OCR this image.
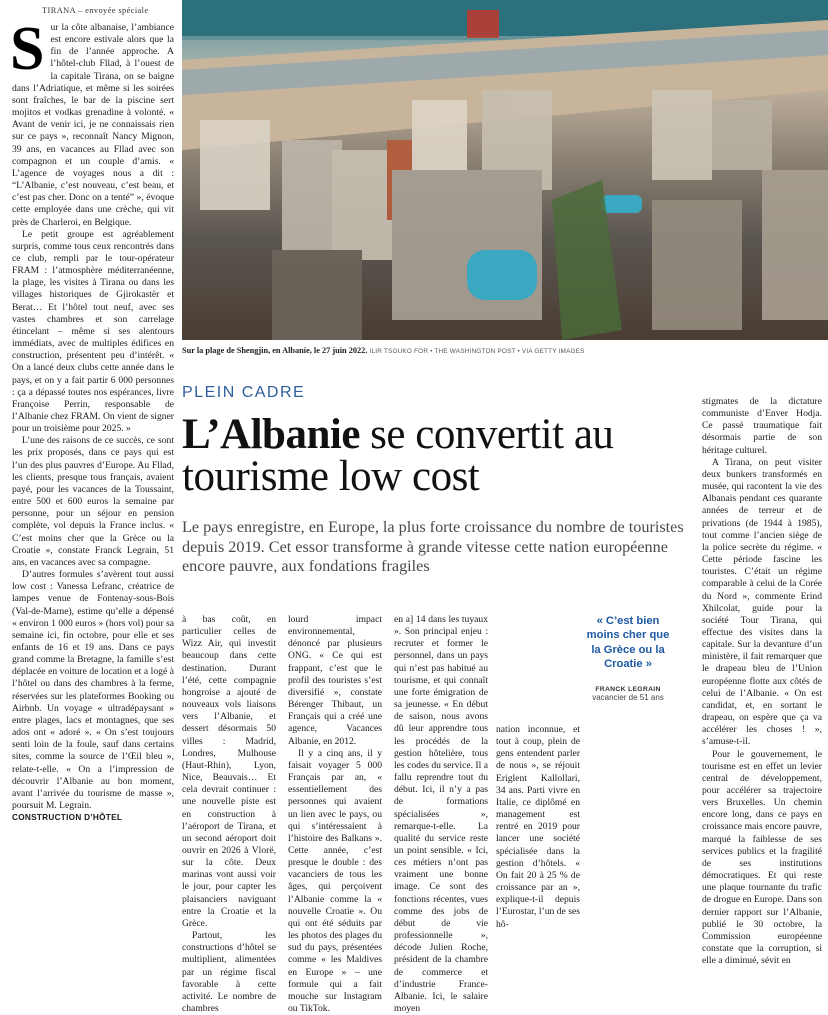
TIRANA – envoyée spéciale
S ur la côte albanaise, l’ambiance est encore estivale alors que la fin de l’année approche. A l’hôtel-club Fllad, à l’ouest de la capitale Tirana, on se baigne dans l’Adriatique, et même si les soirées sont fraîches, le bar de la piscine sert mojitos et vodkas grenadine à volonté. « Avant de venir ici, je ne connaissais rien sur ce pays », reconnaît Nancy Mignon, 39 ans, en vacances au Fllad avec son compagnon et un couple d’amis. « L’agence de voyages nous a dit : “L’Albanie, c’est nouveau, c’est beau, et c’est pas cher. Donc on a tenté” », évoque cette employée dans une crèche, qui vit près de Charleroi, en Belgique.

Le petit groupe est agréablement surpris, comme tous ceux rencontrés dans ce club, rempli par le tour-opérateur FRAM : l’atmosphère méditerranéenne, la plage, les visites à Tirana ou dans les villages historiques de Gjirokastër et Berat… Et l’hôtel tout neuf, avec ses vastes chambres et son carrelage étincelant – même si ses alentours immédiats, avec de multiples édifices en construction, présentent peu d’intérêt. « On a lancé deux clubs cette année dans le pays, et on y a fait partir 6 000 personnes : ça a dépassé toutes nos espérances, livre Françoise Perrin, responsable de l’Albanie chez FRAM. On vient de signer pour un troisième pour 2025. »

L’une des raisons de ce succès, ce sont les prix proposés, dans ce pays qui est l’un des plus pauvres d’Europe. Au Fllad, les clients, presque tous français, avaient payé, pour les vacances de la Toussaint, entre 500 et 600 euros la semaine par personne, pour un séjour en pension complète, vol depuis la France inclus. « C’est moins cher que la Grèce ou la Croatie », constate Franck Legrain, 51 ans, en vacances avec sa compagne.

D’autres formules s’avèrent tout aussi low cost : Vanessa Lefranc, créatrice de lampes venue de Fontenay-sous-Bois (Val-de-Marne), estime qu’elle a dépensé « environ 1 000 euros » (hors vol) pour sa semaine ici, fin octobre, pour elle et ses enfants de 16 et 19 ans. Dans ce pays grand comme la Bretagne, la famille s’est déplacée en voiture de location et a logé à l’hôtel ou dans des chambres à la ferme, réservées sur les plateformes Booking ou Airbnb. Un voyage « ultradépaysant » entre plages, lacs et montagnes, que ses ados ont « adoré ». « On s’est toujours senti loin de la foule, sauf dans certains sites, comme la source de l’Œil bleu », relate-t-elle. « On a l’impression de découvrir l’Albanie au bon moment, avant l’arrivée du tourisme de masse », poursuit M. Legrain.

CONSTRUCTION D’HÔTEL

Sur la plage de Shengjin, en Albanie, le 27 juin 2022. ILIR TSOUKO FOR • THE WASHINGTON POST • VIA GETTY IMAGES
PLEIN CADRE
L’Albanie se convertit au tourisme low cost
Le pays enregistre, en Europe, la plus forte croissance du nombre de touristes depuis 2019. Cet essor transforme à grande vitesse cette nation européenne encore pauvre, aux fondations fragiles

stigmates de la dictature communiste d’Enver Hodja. Ce passé traumatique fait désormais partie de son héritage culturel.

A Tirana, on peut visiter deux bunkers transformés en musée, qui racontent la vie des Albanais pendant ces quarante années de terreur et de privations (de 1944 à 1985), tout comme l’ancien siège de la police secrète du régime. « Cette période fascine les touristes. C’était un régime comparable à celui de la Corée du Nord », commente Erind Xhilcolat, guide pour la société Tour Tirana, qui effectue des visites dans la capitale. Sur la devanture d’un ministère, il fait remarquer que le drapeau bleu de l’Union européenne flotte aux côtés de celui de l’Albanie. « On est candidat, et, en sortant le drapeau, on espère que ça va accélérer les choses ! », s’amuse-t-il.

Pour le gouvernement, le tourisme est en effet un levier central de développement, pour accélérer sa trajectoire vers Bruxelles. Un chemin encore long, dans ce pays en croissance mais encore pauvre, marqué la faiblesse de ses services publics et la fragilité de ses institutions démocratiques. Et qui reste une plaque tournante du trafic de drogue en Europe. Dans son dernier rapport sur l’Albanie, publié le 30 octobre, la Commission européenne constate que la corruption, si elle a diminué, sévit en

à bas coût, en particulier celles de Wizz Air, qui investit beaucoup dans cette destination. Durant l’été, cette compagnie hongroise a ajouté de nouveaux vols liaisons vers l’Albanie, et dessert désormais 50 villes : Madrid, Londres, Mulhouse (Haut-Rhin), Lyon, Nice, Beauvais… Et cela devrait continuer : une nouvelle piste est en construction à l’aéroport de Tirana, et un second aéroport doit ouvrir en 2026 à Vlorë, sur la côte. Deux marinas vont aussi voir le jour, pour capter les plaisanciers naviguant entre la Croatie et la Grèce.

Partout, les constructions d’hôtel se multiplient, alimentées par un régime fiscal favorable à cette activité. Le nombre de chambres

lourd impact environnemental, dénoncé par plusieurs ONG. « Ce qui est frappant, c’est que le profil des touristes s’est diversifié », constate Bérenger Thibaut, un Français qui a créé une agence, Vacances Albanie, en 2012.

Il y a cinq ans, il y faisait voyager 5 000 Français par an, « essentiellement des personnes qui avaient un lien avec le pays, ou qui s’intéressaient à l’histoire des Balkans ». Cette année, c’est presque le double : des vacanciers de tous les âges, qui perçoivent l’Albanie comme la « nouvelle Croatie ». Ou qui ont été séduits par les photos des plages du sud du pays, présentées comme « les Maldives en Europe » – une formule qui a fait mouche sur Instagram ou TikTok.

en a] 14 dans les tuyaux ». Son principal enjeu : recruter et former le personnel, dans un pays qui n’est pas habitué au tourisme, et qui connaît une forte émigration de sa jeunesse. « En début de saison, nous avons dû leur apprendre tous les procédés de la gestion hôtelière, tous les codes du service. Il a fallu reprendre tout du début. Ici, il n’y a pas de formations spécialisées », remarque-t-elle. La qualité du service reste un point sensible. « Ici, ces métiers n’ont pas vraiment une bonne image. Ce sont des fonctions récentes, vues comme des jobs de début de vie professionnelle », décode Julien Roche, président de la chambre de commerce et d’industrie France-Albanie. Ici, le salaire moyen

nation inconnue, et tout à coup, plein de gens entendent parler de nous », se réjouit Eriglent Kallollari, 34 ans. Parti vivre en Italie, ce diplômé en management est rentré en 2019 pour lancer une société spécialisée dans la gestion d’hôtels. « On fait 20 à 25 % de croissance par an », explique-t-il depuis l’Eurostar, l’un de ses hô-

« C’est bien moins cher que la Grèce ou la Croatie »
FRANCK LEGRAIN
vacancier de 51 ans
